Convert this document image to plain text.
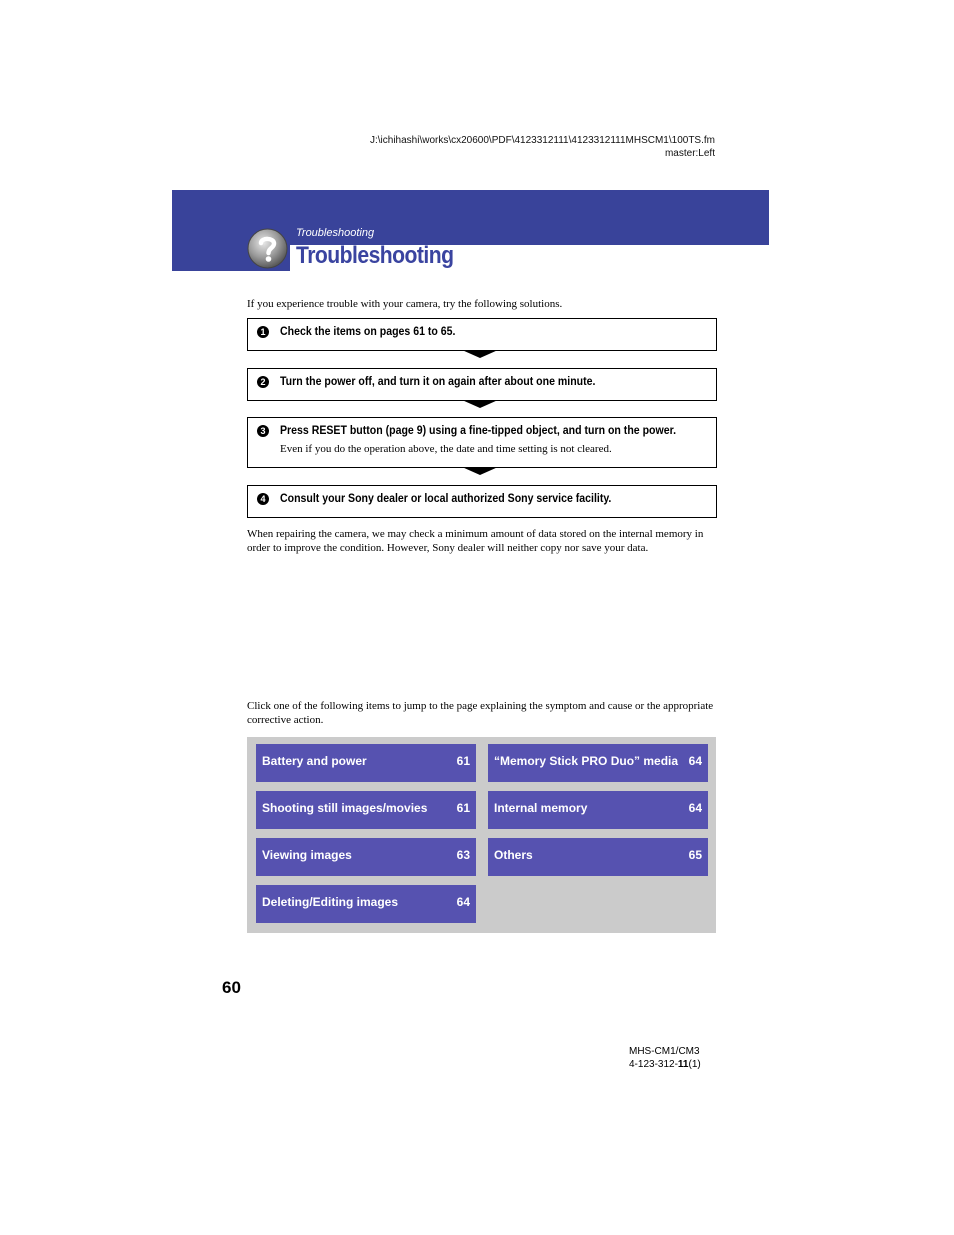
J:\ichihashi\works\cx20600\PDF\4123312111\4123312111MHSCM1\100TS.fm
master:Left
Troubleshooting
Troubleshooting
If you experience trouble with your camera, try the following solutions.
1 Check the items on pages 61 to 65.
2 Turn the power off, and turn it on again after about one minute.
3 Press RESET button (page 9) using a fine-tipped object, and turn on the power.
Even if you do the operation above, the date and time setting is not cleared.
4 Consult your Sony dealer or local authorized Sony service facility.

When repairing the camera, we may check a minimum amount of data stored on the internal memory in order to improve the condition. However, Sony dealer will neither copy nor save your data.

Click one of the following items to jump to the page explaining the symptom and cause or the appropriate corrective action.

Battery and power	61 “Memory Stick PRO Duo” media 64
Shooting still images/movies 61 Internal memory	64
Viewing images	63 Others	65
Deleting/Editing images	64
60
MHS-CM1/CM3
4-123-312-11(1)
